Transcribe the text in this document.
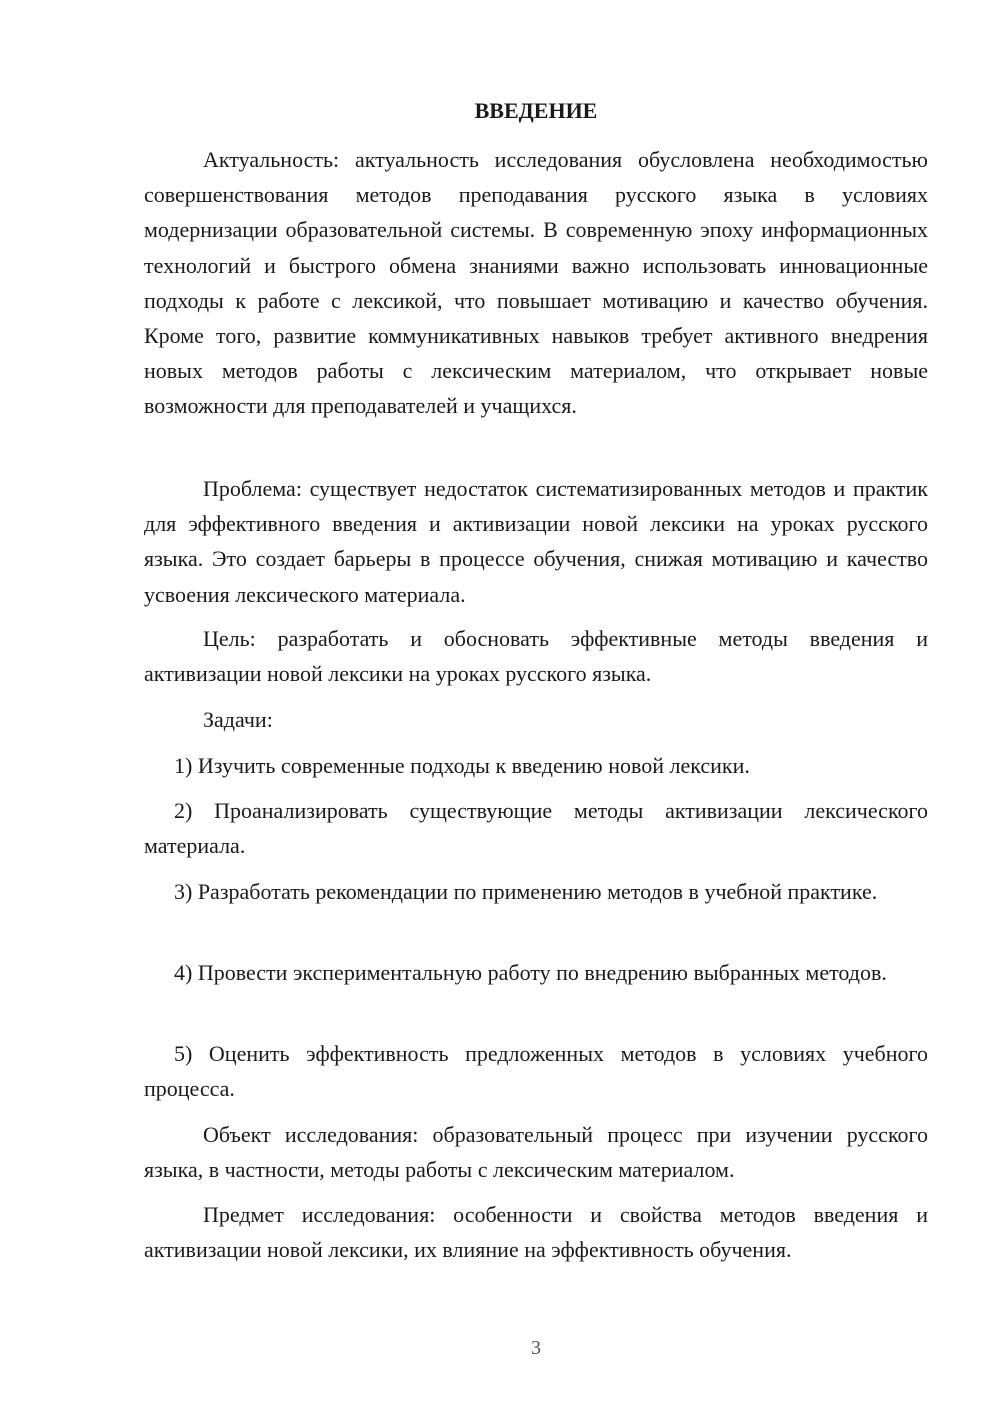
ВВЕДЕНИЕ

Актуальность: актуальность исследования обусловлена необходимостью совершенствования методов преподавания русского языка в условиях модернизации образовательной системы. В современную эпоху информационных технологий и быстрого обмена знаниями важно использовать инновационные подходы к работе с лексикой, что повышает мотивацию и качество обучения. Кроме того, развитие коммуникативных навыков требует активного внедрения новых методов работы с лексическим материалом, что открывает новые возможности для преподавателей и учащихся.

Проблема: существует недостаток систематизированных методов и практик для эффективного введения и активизации новой лексики на уроках русского языка. Это создает барьеры в процессе обучения, снижая мотивацию и качество усвоения лексического материала.

Цель: разработать и обосновать эффективные методы введения и активизации новой лексики на уроках русского языка.

Задачи:

1) Изучить современные подходы к введению новой лексики.

2) Проанализировать существующие методы активизации лексического материала.

3) Разработать рекомендации по применению методов в учебной практике.

4) Провести экспериментальную работу по внедрению выбранных методов.

5) Оценить эффективность предложенных методов в условиях учебного процесса.

Объект исследования: образовательный процесс при изучении русского языка, в частности, методы работы с лексическим материалом.

Предмет исследования: особенности и свойства методов введения и активизации новой лексики, их влияние на эффективность обучения.

3
